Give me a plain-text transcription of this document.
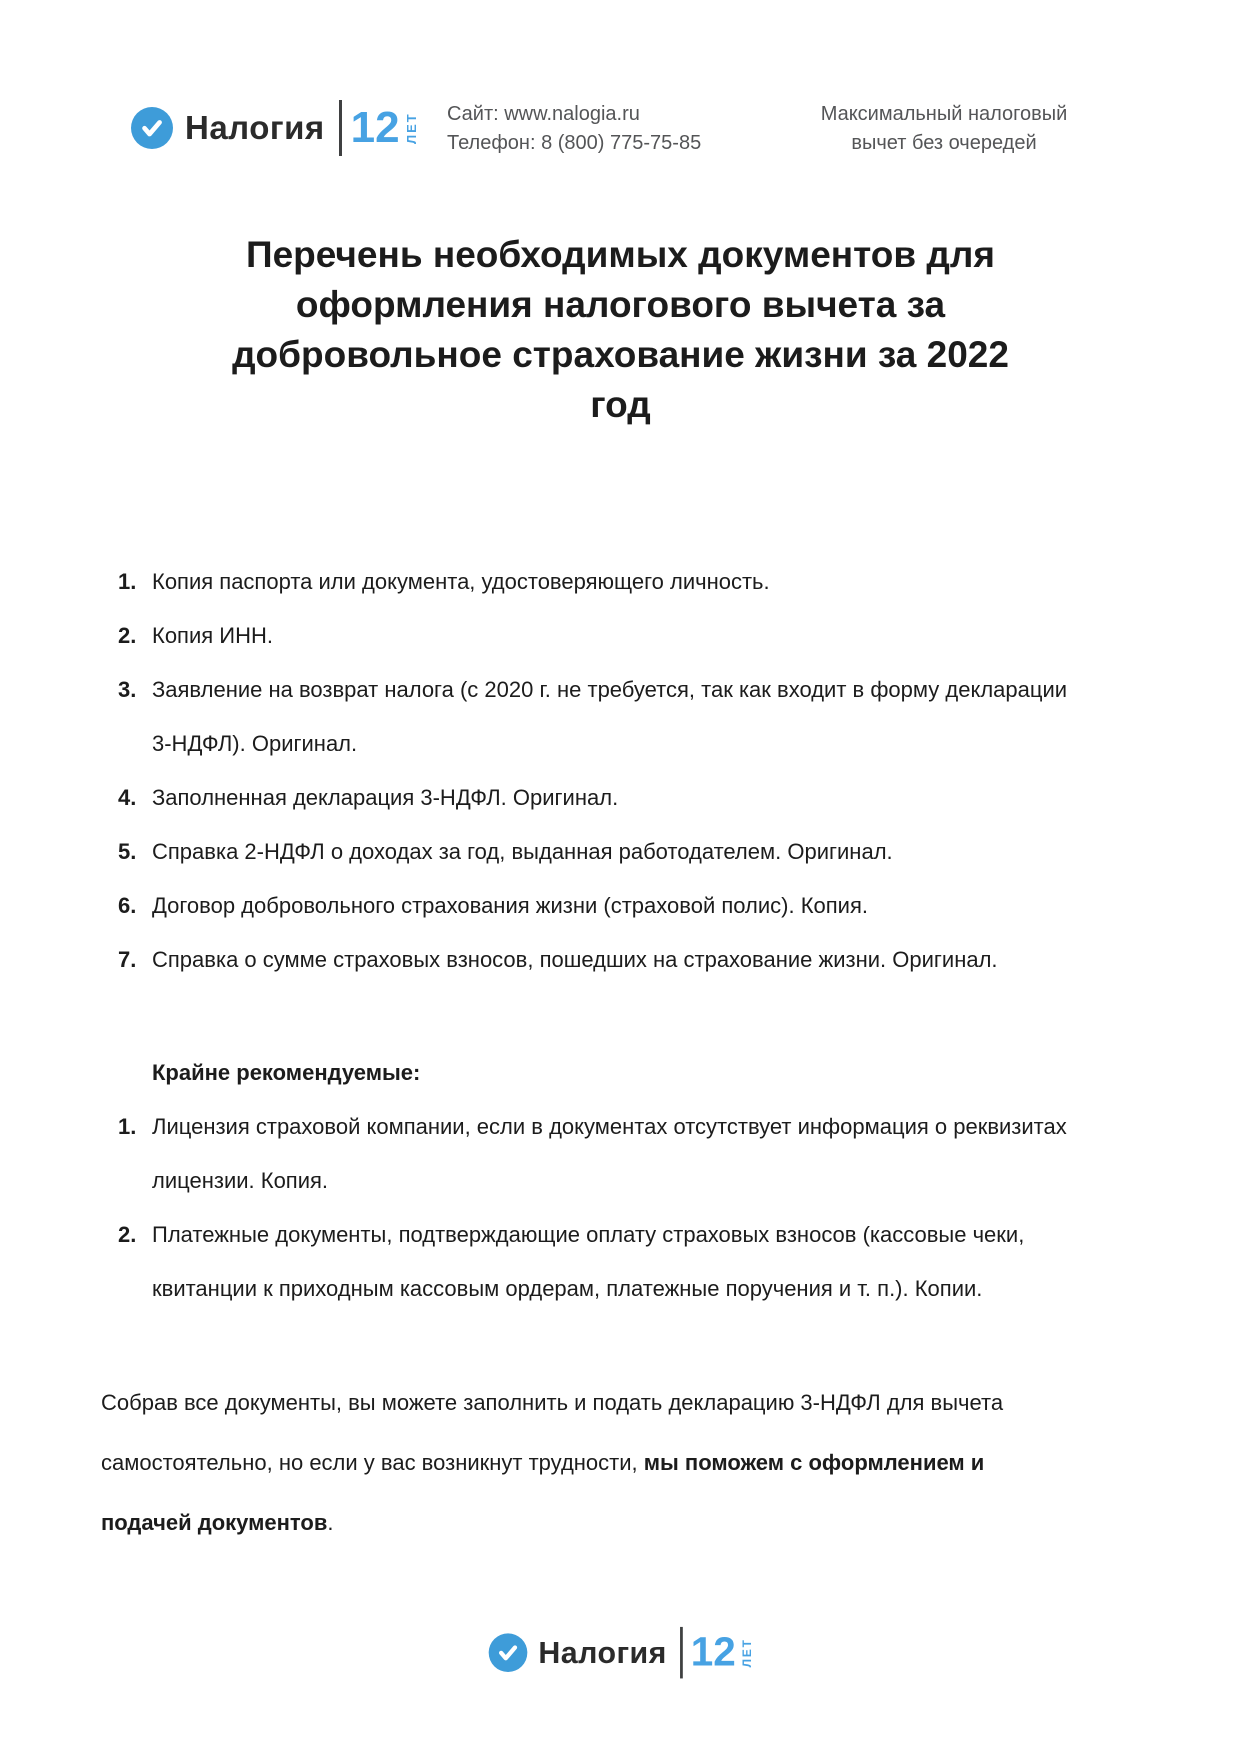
Налогия 12 ЛЕТ Сайт: www.nalogia.ru
Телефон: 8 (800) 775-75-85
Максимальный налоговый
вычет без очередей
Перечень необходимых документов для
оформления налогового вычета за
добровольное страхование жизни за 2022
год
1. Копия паспорта или документа, удостоверяющего личность.
2. Копия ИНН.
3. Заявление на возврат налога (с 2020 г. не требуется, так как входит в форму декларации
3-НДФЛ). Оригинал.
4. Заполненная декларация 3-НДФЛ. Оригинал.
5. Справка 2-НДФЛ о доходах за год, выданная работодателем. Оригинал.
6. Договор добровольного страхования жизни (страховой полис). Копия.
7. Справка о сумме страховых взносов, пошедших на страхование жизни. Оригинал.
Крайне рекомендуемые:
1. Лицензия страховой компании, если в документах отсутствует информация о реквизитах
лицензии. Копия.
2. Платежные документы, подтверждающие оплату страховых взносов (кассовые чеки,
квитанции к приходным кассовым ордерам, платежные поручения и т. п.). Копии.

Собрав все документы, вы можете заполнить и подать декларацию 3-НДФЛ для вычета
самостоятельно, но если у вас возникнут трудности, мы поможем с оформлением и
подачей документов.

Налогия 12 ЛЕТ
